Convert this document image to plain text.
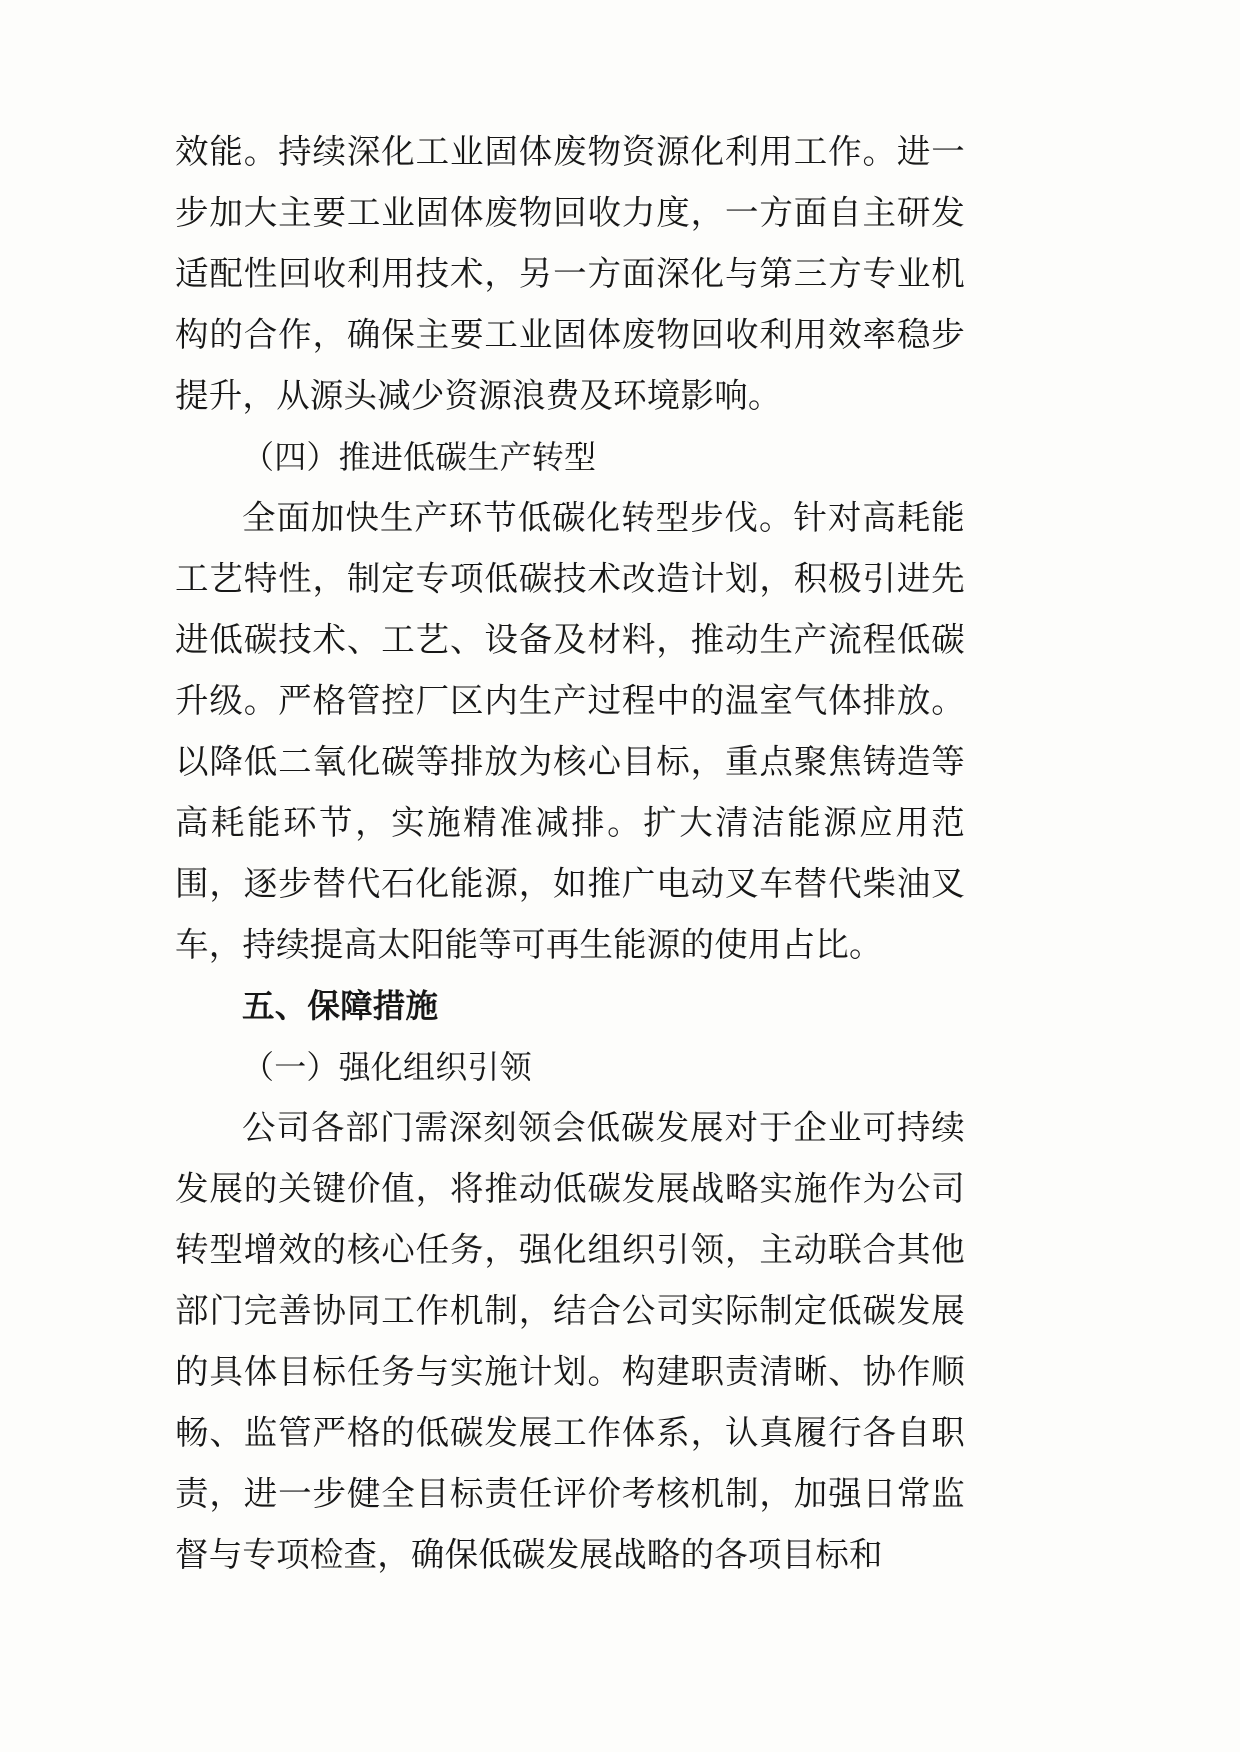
效能。持续深化工业固体废物资源化利用工作。进一步加大主要工业固体废物回收力度，一方面自主研发适配性回收利用技术，另一方面深化与第三方专业机构的合作，确保主要工业固体废物回收利用效率稳步提升，从源头减少资源浪费及环境影响。

（四）推进低碳生产转型

全面加快生产环节低碳化转型步伐。针对高耗能工艺特性，制定专项低碳技术改造计划，积极引进先进低碳技术、工艺、设备及材料，推动生产流程低碳升级。严格管控厂区内生产过程中的温室气体排放。以降低二氧化碳等排放为核心目标，重点聚焦铸造等高耗能环节，实施精准减排。扩大清洁能源应用范围，逐步替代石化能源，如推广电动叉车替代柴油叉车，持续提高太阳能等可再生能源的使用占比。

五、保障措施

（一）强化组织引领

公司各部门需深刻领会低碳发展对于企业可持续发展的关键价值，将推动低碳发展战略实施作为公司转型增效的核心任务，强化组织引领，主动联合其他部门完善协同工作机制，结合公司实际制定低碳发展的具体目标任务与实施计划。构建职责清晰、协作顺畅、监管严格的低碳发展工作体系，认真履行各自职责，进一步健全目标责任评价考核机制，加强日常监督与专项检查，确保低碳发展战略的各项目标和
